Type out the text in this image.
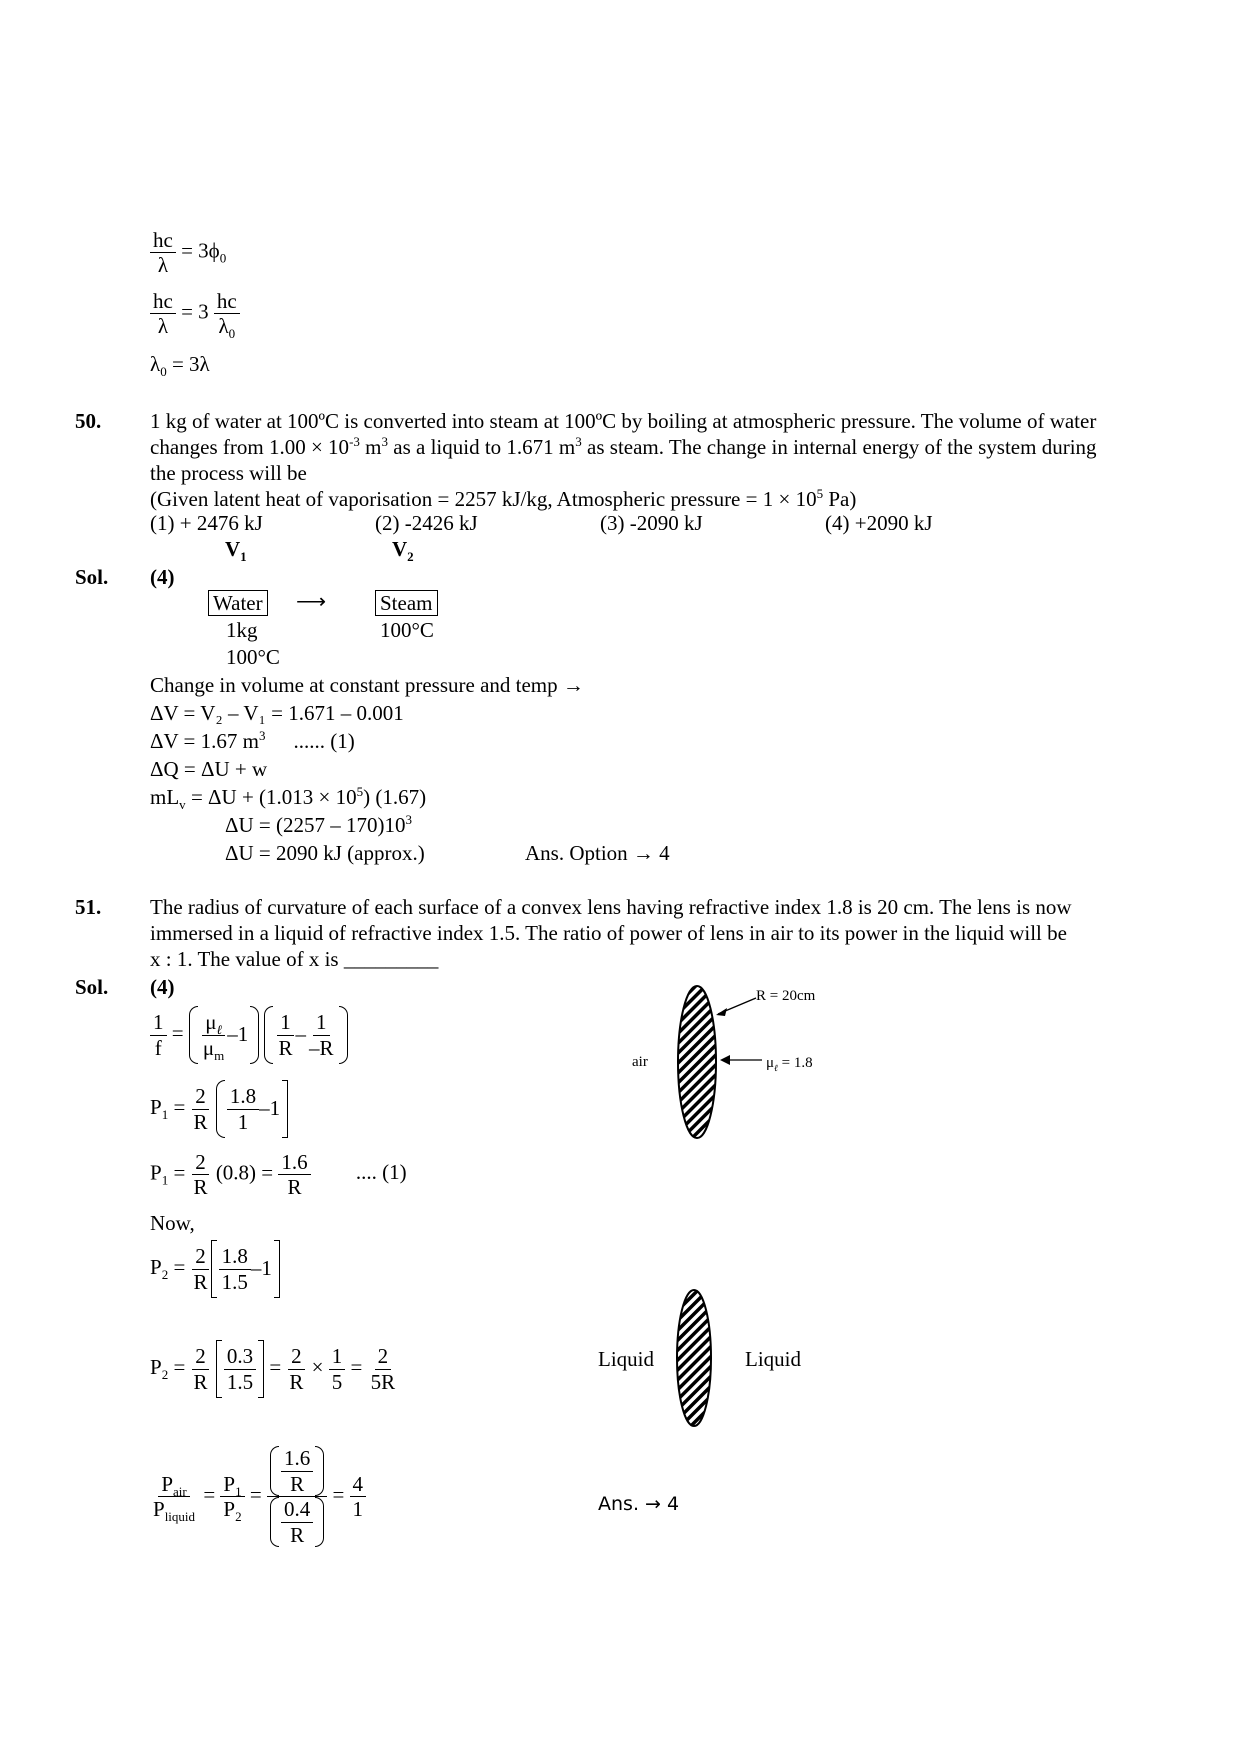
$\frac{hc}{\lambda} = 3\phi_0$
$\frac{hc}{\lambda} = 3 \frac{hc}{\lambda_0}$
$\lambda_0 = 3\lambda$
50. 1 kg of water at 100ºC is converted into steam at 100ºC by boiling at atmospheric pressure. The volume of water
changes from $1.00 \times 10^{-3}$ $m^3$ as a liquid to 1.671 $m^3$ as steam. The change in internal energy of the system during
the process will be
(Given latent heat of vaporisation = 2257 kJ/kg, Atmospheric pressure = $1 \times 10^5$ Pa)
(1) + 2476 kJ	(2) -2426 kJ	(3) -2090 kJ	(4) +2090 kJ
$V_1$	$V_2$
Sol. (4)
Water ⟶	Steam
1kg	100°C
100°C
Change in volume at constant pressure and temp →
ΔV = V₂ – V₁ = 1.671 – 0.001
ΔV = 1.67 $m^3$ ...... (1)
ΔQ = ΔU + w
$mL_v = \Delta U + (1.013 \times 10^5)$ (1.67)
$\Delta U = (2257 - 170)10^3$
ΔU = 2090 kJ (approx.)	Ans. Option → 4
51. The radius of curvature of each surface of a convex lens having refractive index 1.8 is 20 cm. The lens is now
immersed in a liquid of refractive index 1.5. The ratio of power of lens in air to its power in the liquid will be
x : 1. The value of x is _________
Sol. (4)
$\frac{1}{f} = \frac{\mu_\ell}{\mu_m} -1$
$\frac{1}{R} - \frac{1}{-R}$
$P_1 = \frac{2}{R}$
$\frac{1.8}{1} -1$
$P_1 = \frac{2}{R} (0.8) = \frac{1.6}{R}$ .... (1)
Now,
$P_2 = \frac{2}{R} \frac{1.8}{1.5} -1$
$P_2 = \frac{2}{R}$
$\frac{0.3}{1.5} = \frac{2}{R} \times \frac{1}{5} = \frac{2}{5R}$
$\frac{P_{air}}{P_{liquid}} = \frac{P_1}{P_2} = \frac{\frac{1.6}{R}}{\frac{0.4}{R}} = \frac{4}{1}$	Ans. → 4
R = 20cm
air	$\mu_\ell = 1.8$
Liquid	Liquid
